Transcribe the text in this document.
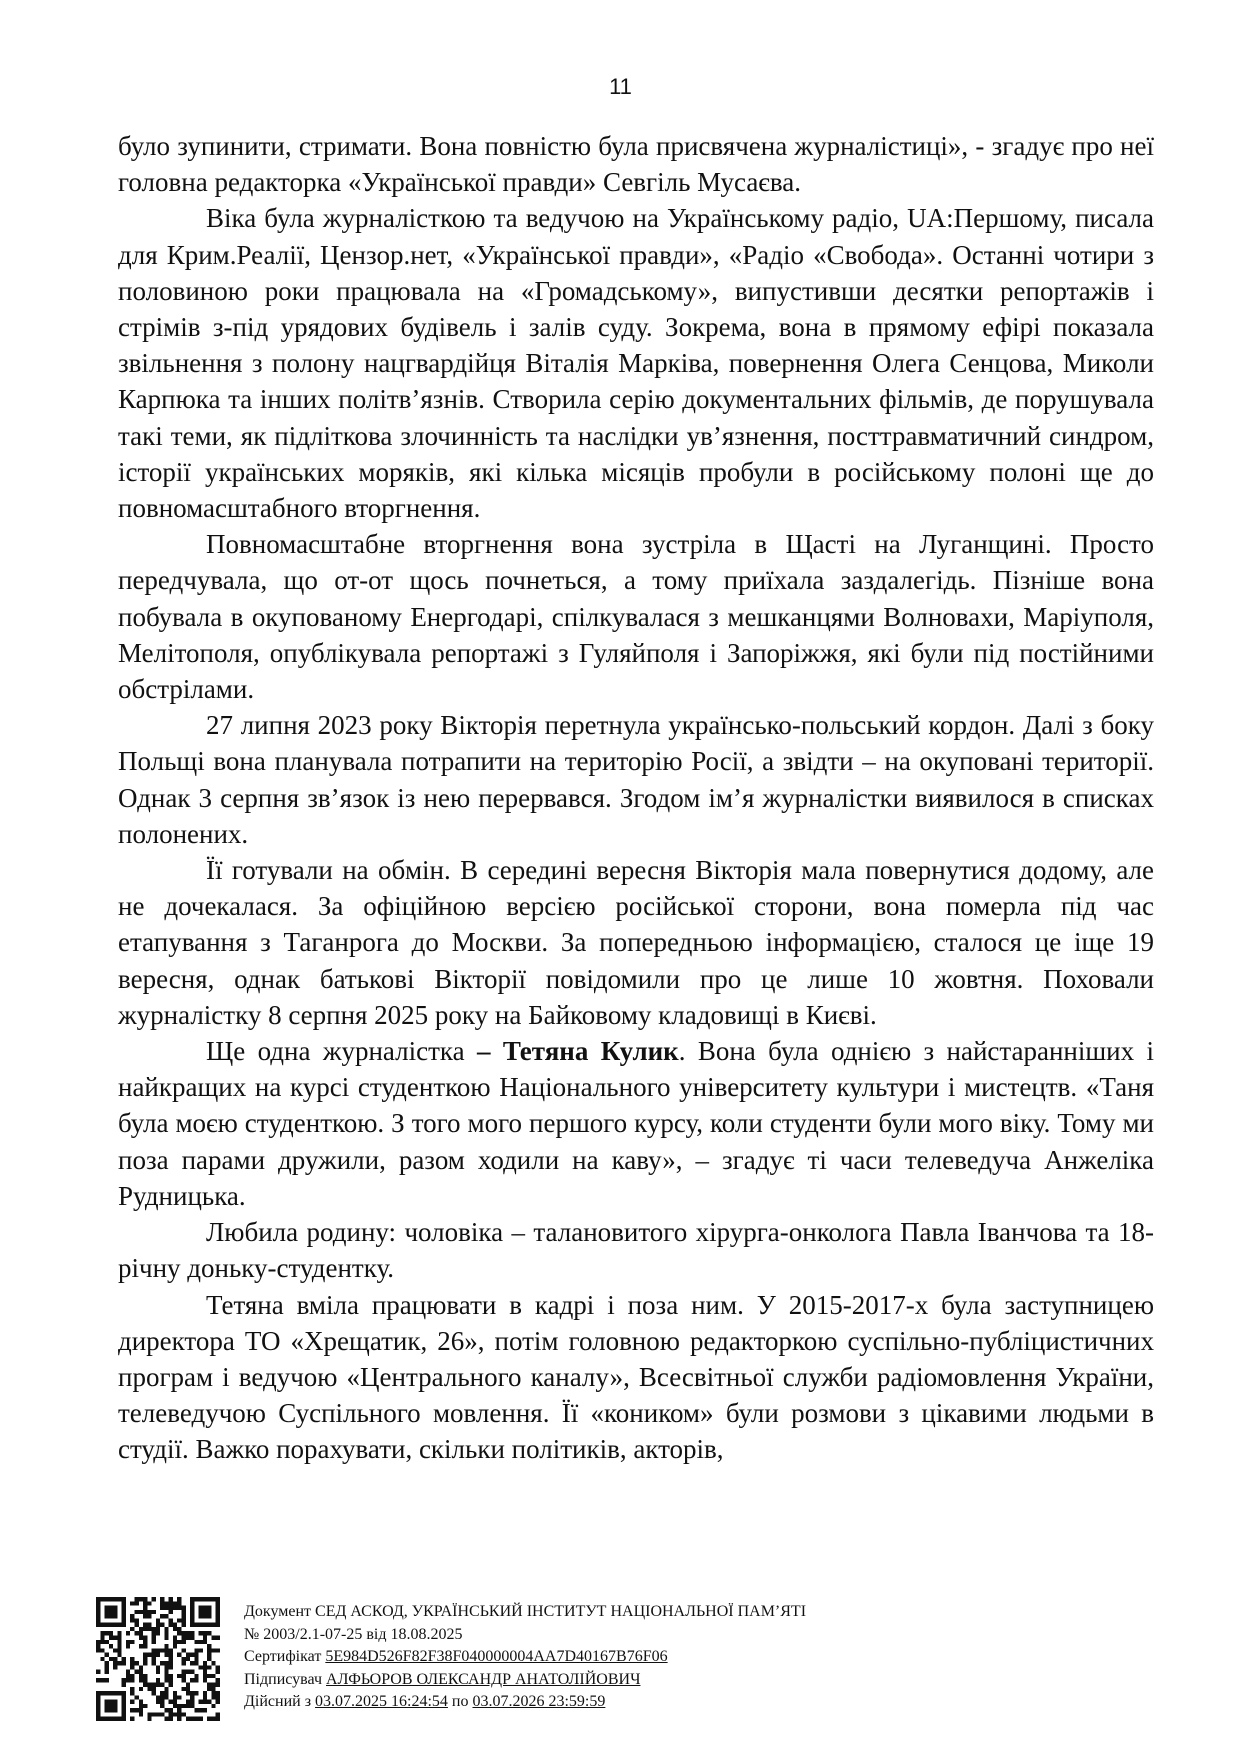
11

було зупинити, стримати. Вона повністю була присвячена журналістиці», - згадує про неї головна редакторка «Української правди» Севгіль Мусаєва.

Віка була журналісткою та ведучою на Українському радіо, UA:Першому, писала для Крим.Реалії, Цензор.нет, «Української правди», «Радіо «Свобода». Останні чотири з половиною роки працювала на «Громадському», випустивши десятки репортажів і стрімів з-під урядових будівель і залів суду. Зокрема, вона в прямому ефірі показала звільнення з полону нацгвардійця Віталія Марківа, повернення Олега Сенцова, Миколи Карпюка та інших політв’язнів. Створила серію документальних фільмів, де порушувала такі теми, як підліткова злочинність та наслідки ув’язнення, посттравматичний синдром, історії українських моряків, які кілька місяців пробули в російському полоні ще до повномасштабного вторгнення.

Повномасштабне вторгнення вона зустріла в Щасті на Луганщині. Просто передчувала, що от-от щось почнеться, а тому приїхала заздалегідь. Пізніше вона побувала в окупованому Енергодарі, спілкувалася з мешканцями Волновахи, Маріуполя, Мелітополя, опублікувала репортажі з Гуляйполя і Запоріжжя, які були під постійними обстрілами.

27 липня 2023 року Вікторія перетнула українсько-польський кордон. Далі з боку Польщі вона планувала потрапити на територію Росії, а звідти – на окуповані території. Однак 3 серпня зв’язок із нею перервався. Згодом ім’я журналістки виявилося в списках полонених.

Її готували на обмін. В середині вересня Вікторія мала повернутися додому, але не дочекалася. За офіційною версією російської сторони, вона померла під час етапування з Таганрога до Москви. За попередньою інформацією, сталося це іще 19 вересня, однак батькові Вікторії повідомили про це лише 10 жовтня. Поховали журналістку 8 серпня 2025 року на Байковому кладовищі в Києві.

Ще одна журналістка – Тетяна Кулик. Вона була однією з найстаранніших і найкращих на курсі студенткою Національного університету культури і мистецтв. «Таня була моєю студенткою. З того мого першого курсу, коли студенти були мого віку. Тому ми поза парами дружили, разом ходили на каву», – згадує ті часи телеведуча Анжеліка Рудницька.

Любила родину: чоловіка – талановитого хірурга-онколога Павла Іванчова та 18-річну доньку-студентку.

Тетяна вміла працювати в кадрі і поза ним. У 2015-2017-х була заступницею директора ТО «Хрещатик, 26», потім головною редакторкою суспільно-публіцистичних програм і ведучою «Центрального каналу», Всесвітньої служби радіомовлення України, телеведучою Суспільного мовлення. Її «коником» були розмови з цікавими людьми в студії. Важко порахувати, скільки політиків, акторів,

Документ СЕД АСКОД, УКРАЇНСЬКИЙ ІНСТИТУТ НАЦІОНАЛЬНОЇ ПАМ’ЯТІ
№ 2003/2.1-07-25 від 18.08.2025
Сертифікат 5E984D526F82F38F040000004AA7D40167B76F06
Підписувач АЛФЬОРОВ ОЛЕКСАНДР АНАТОЛІЙОВИЧ
Дійсний з 03.07.2025 16:24:54 по 03.07.2026 23:59:59
